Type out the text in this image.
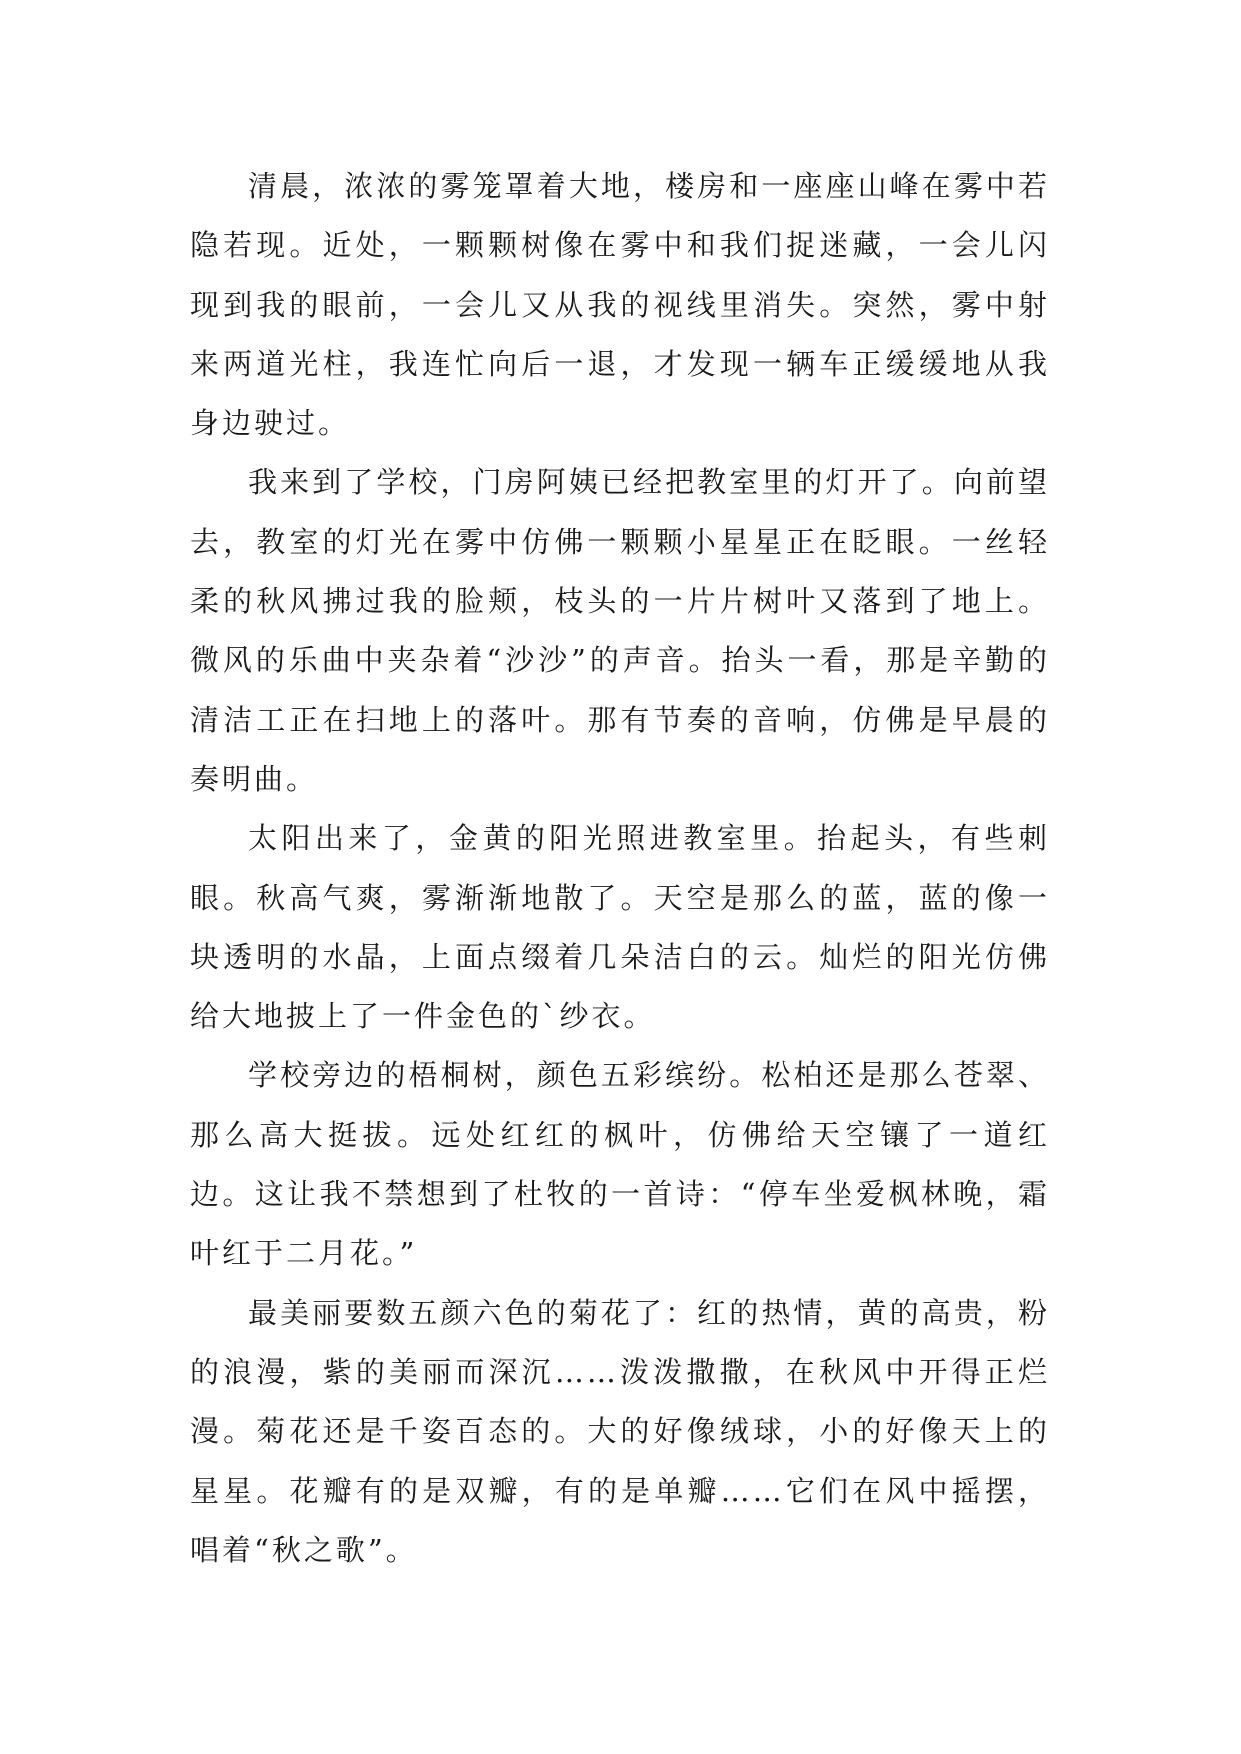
清晨，浓浓的雾笼罩着大地，楼房和一座座山峰在雾中若隐若现。近处，一颗颗树像在雾中和我们捉迷藏，一会儿闪现到我的眼前，一会儿又从我的视线里消失。突然，雾中射来两道光柱，我连忙向后一退，才发现一辆车正缓缓地从我身边驶过。

我来到了学校，门房阿姨已经把教室里的灯开了。向前望去，教室的灯光在雾中仿佛一颗颗小星星正在眨眼。一丝轻柔的秋风拂过我的脸颊，枝头的一片片树叶又落到了地上。微风的乐曲中夹杂着“沙沙”的声音。抬头一看，那是辛勤的清洁工正在扫地上的落叶。那有节奏的音响，仿佛是早晨的奏明曲。

太阳出来了，金黄的阳光照进教室里。抬起头，有些刺眼。秋高气爽，雾渐渐地散了。天空是那么的蓝，蓝的像一块透明的水晶，上面点缀着几朵洁白的云。灿烂的阳光仿佛给大地披上了一件金色的`纱衣。

学校旁边的梧桐树，颜色五彩缤纷。松柏还是那么苍翠、那么高大挺拔。远处红红的枫叶，仿佛给天空镶了一道红边。这让我不禁想到了杜牧的一首诗：“停车坐爱枫林晚，霜叶红于二月花。”

最美丽要数五颜六色的菊花了：红的热情，黄的高贵，粉的浪漫，紫的美丽而深沉……泼泼撒撒，在秋风中开得正烂漫。菊花还是千姿百态的。大的好像绒球，小的好像天上的星星。花瓣有的是双瓣，有的是单瓣……它们在风中摇摆，唱着“秋之歌”。
